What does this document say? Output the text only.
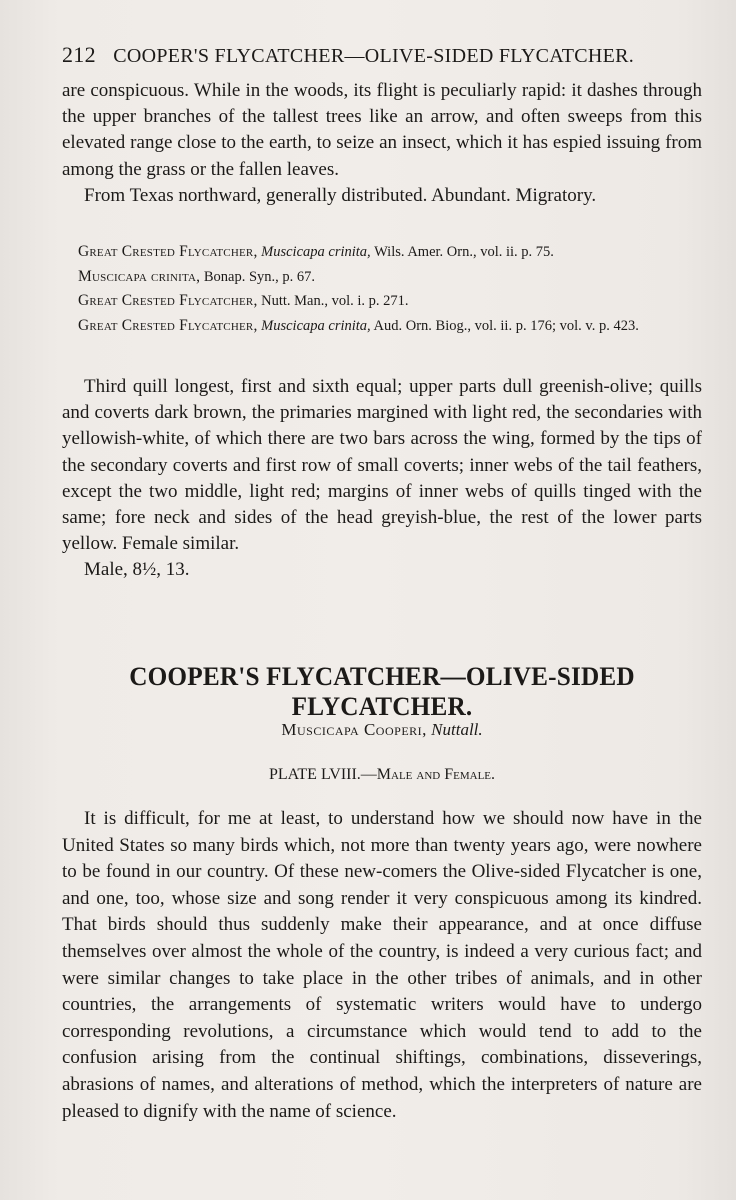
212 COOPER'S FLYCATCHER—OLIVE-SIDED FLYCATCHER.

are conspicuous. While in the woods, its flight is peculiarly rapid: it dashes through the upper branches of the tallest trees like an arrow, and often sweeps from this elevated range close to the earth, to seize an insect, which it has espied issuing from among the grass or the fallen leaves.

From Texas northward, generally distributed. Abundant. Migratory.

Great Crested Flycatcher, Muscicapa crinita, Wils. Amer. Orn., vol. ii. p. 75.
Muscicapa crinita, Bonap. Syn., p. 67.
Great Crested Flycatcher, Nutt. Man., vol. i. p. 271.
Great Crested Flycatcher, Muscicapa crinita, Aud. Orn. Biog., vol. ii. p. 176; vol. v. p. 423.

Third quill longest, first and sixth equal; upper parts dull greenish-olive; quills and coverts dark brown, the primaries margined with light red, the secondaries with yellowish-white, of which there are two bars across the wing, formed by the tips of the secondary coverts and first row of small coverts; inner webs of the tail feathers, except the two middle, light red; margins of inner webs of quills tinged with the same; fore neck and sides of the head greyish-blue, the rest of the lower parts yellow. Female similar.

Male, 8½, 13.

COOPER'S FLYCATCHER—OLIVE-SIDED FLYCATCHER.
Muscicapa Cooperi, Nuttall.
PLATE LVIII.—Male and Female.

It is difficult, for me at least, to understand how we should now have in the United States so many birds which, not more than twenty years ago, were nowhere to be found in our country. Of these new-comers the Olive-sided Flycatcher is one, and one, too, whose size and song render it very conspicuous among its kindred. That birds should thus suddenly make their appearance, and at once diffuse themselves over almost the whole of the country, is indeed a very curious fact; and were similar changes to take place in the other tribes of animals, and in other countries, the arrangements of systematic writers would have to undergo corresponding revolutions, a circumstance which would tend to add to the confusion arising from the continual shiftings, combinations, disseverings, abrasions of names, and alterations of method, which the interpreters of nature are pleased to dignify with the name of science.
